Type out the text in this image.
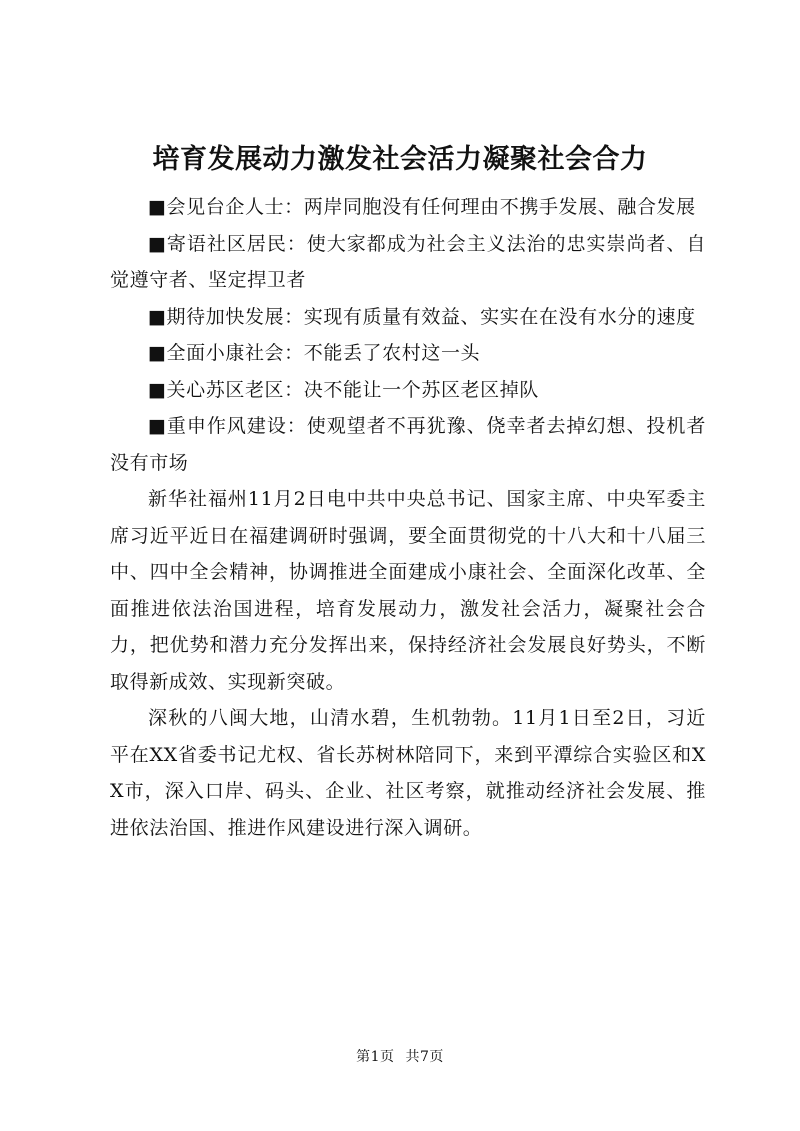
培育发展动力激发社会活力凝聚社会合力

■会见台企人士：两岸同胞没有任何理由不携手发展、融合发展

■寄语社区居民：使大家都成为社会主义法治的忠实崇尚者、自觉遵守者、坚定捍卫者

■期待加快发展：实现有质量有效益、实实在在没有水分的速度

■全面小康社会：不能丢了农村这一头

■关心苏区老区：决不能让一个苏区老区掉队

■重申作风建设：使观望者不再犹豫、侥幸者去掉幻想、投机者没有市场

新华社福州11月2日电中共中央总书记、国家主席、中央军委主席习近平近日在福建调研时强调，要全面贯彻党的十八大和十八届三中、四中全会精神，协调推进全面建成小康社会、全面深化改革、全面推进依法治国进程，培育发展动力，激发社会活力，凝聚社会合力，把优势和潜力充分发挥出来，保持经济社会发展良好势头，不断取得新成效、实现新突破。

深秋的八闽大地，山清水碧，生机勃勃。11月1日至2日，习近平在XX省委书记尤权、省长苏树林陪同下，来到平潭综合实验区和XX市，深入口岸、码头、企业、社区考察，就推动经济社会发展、推进依法治国、推进作风建设进行深入调研。

第1页 共7页
